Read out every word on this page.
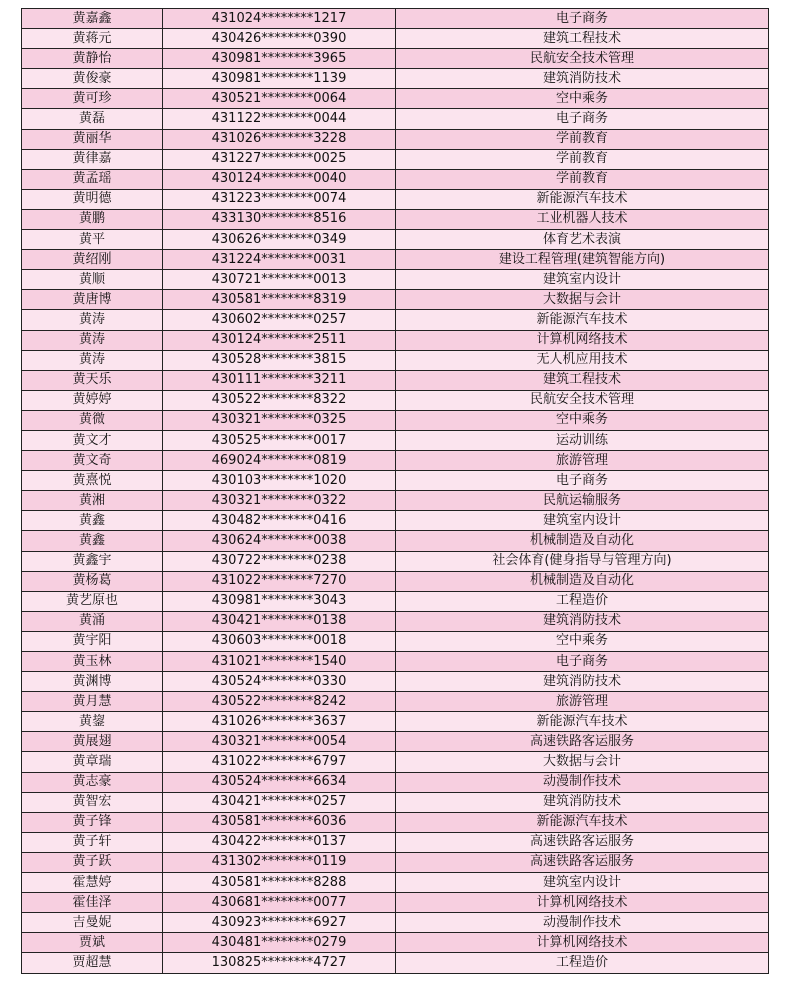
黄嘉鑫	431024********1217	电子商务
黄蒋元	430426********0390	建筑工程技术
黄静怡	430981********3965	民航安全技术管理
黄俊豪	430981********1139	建筑消防技术
黄可珍	430521********0064	空中乘务
黄磊	431122********0044	电子商务
黄丽华	431026********3228	学前教育
黄律嘉	431227********0025	学前教育
黄孟瑶	430124********0040	学前教育
黄明德	431223********0074	新能源汽车技术
黄鹏	433130********8516	工业机器人技术
黄平	430626********0349	体育艺术表演
黄绍刚	431224********0031	建设工程管理(建筑智能方向)
黄顺	430721********0013	建筑室内设计
黄唐博	430581********8319	大数据与会计
黄涛	430602********0257	新能源汽车技术
黄涛	430124********2511	计算机网络技术
黄涛	430528********3815	无人机应用技术
黄天乐	430111********3211	建筑工程技术
黄婷婷	430522********8322	民航安全技术管理
黄微	430321********0325	空中乘务
黄文才	430525********0017	运动训练
黄文奇	469024********0819	旅游管理
黄熹悦	430103********1020	电子商务
黄湘	430321********0322	民航运输服务
黄鑫	430482********0416	建筑室内设计
黄鑫	430624********0038	机械制造及自动化
黄鑫宇	430722********0238	社会体育(健身指导与管理方向)
黄杨葛	431022********7270	机械制造及自动化
黄艺原也	430981********3043	工程造价
黄涌	430421********0138	建筑消防技术
黄宇阳	430603********0018	空中乘务
黄玉林	431021********1540	电子商务
黄渊博	430524********0330	建筑消防技术
黄月慧	430522********8242	旅游管理
黄鋆	431026********3637	新能源汽车技术
黄展翅	430321********0054	高速铁路客运服务
黄章瑞	431022********6797	大数据与会计
黄志豪	430524********6634	动漫制作技术
黄智宏	430421********0257	建筑消防技术
黄子锋	430581********6036	新能源汽车技术
黄子轩	430422********0137	高速铁路客运服务
黄子跃	431302********0119	高速铁路客运服务
霍慧婷	430581********8288	建筑室内设计
霍佳泽	430681********0077	计算机网络技术
吉曼妮	430923********6927	动漫制作技术
贾斌	430481********0279	计算机网络技术
贾超慧	130825********4727	工程造价
